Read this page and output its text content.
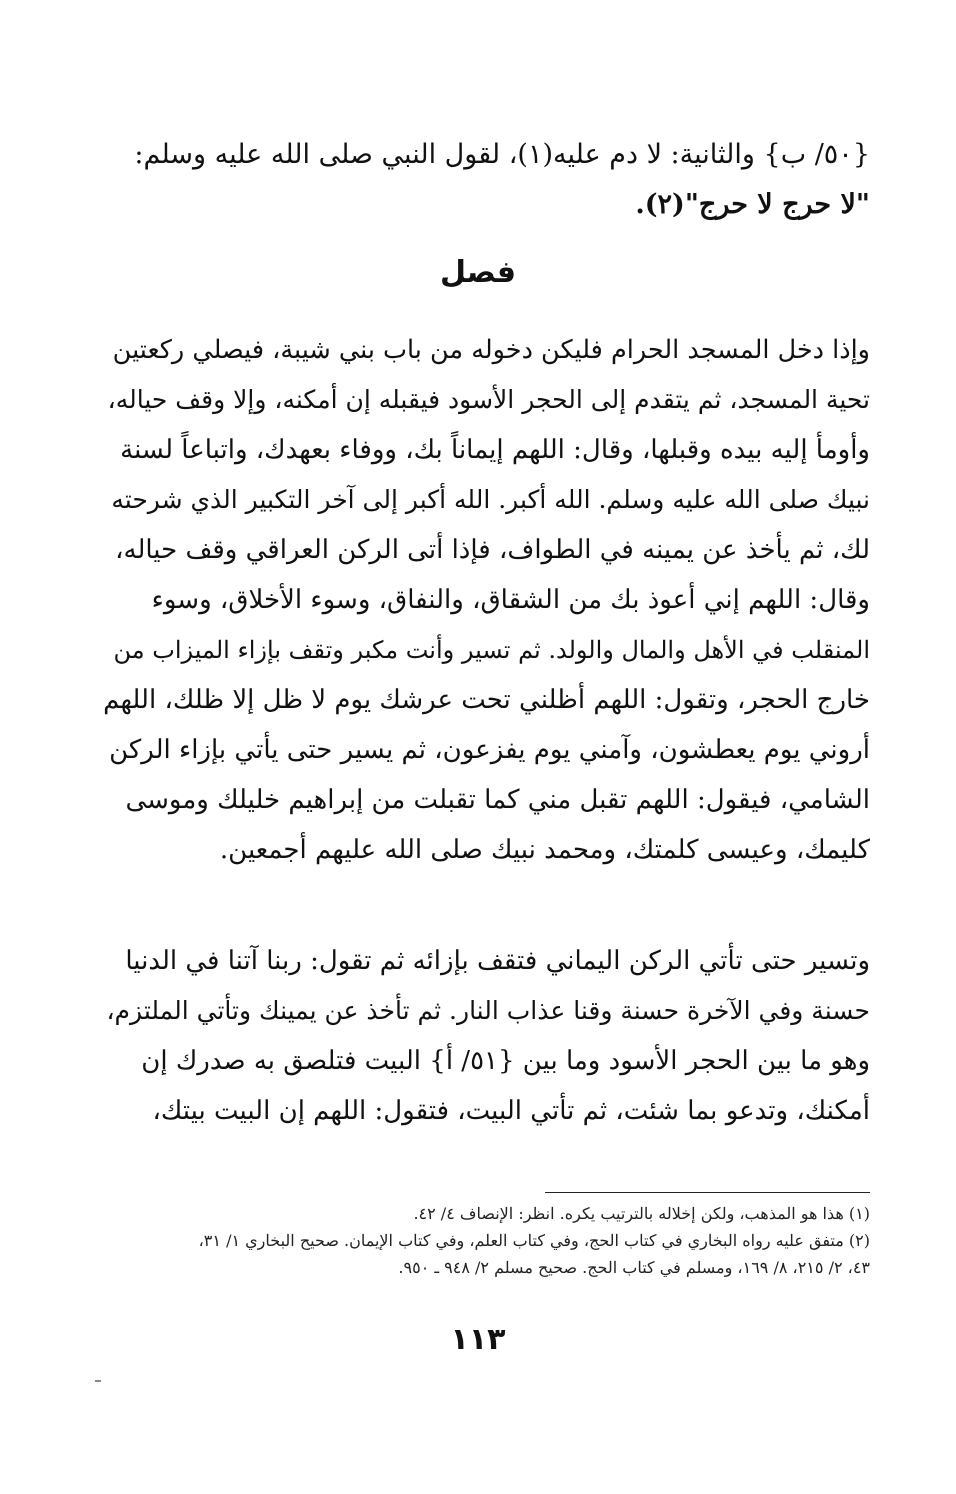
{٥٠/ ب} والثانية: لا دم عليه(١)، لقول النبي صلى الله عليه وسلم:
"لا حرج لا حرج"(٢).
فصل
وإذا دخل المسجد الحرام فليكن دخوله من باب بني شيبة، فيصلي ركعتين
تحية المسجد، ثم يتقدم إلى الحجر الأسود فيقبله إن أمكنه، وإلا وقف حياله،
وأومأ إليه بيده وقبلها، وقال: اللهم إيماناً بك، ووفاء بعهدك، واتباعاً لسنة
نبيك صلى الله عليه وسلم. الله أكبر. الله أكبر إلى آخر التكبير الذي شرحته
لك، ثم يأخذ عن يمينه في الطواف، فإذا أتى الركن العراقي وقف حياله،
وقال: اللهم إني أعوذ بك من الشقاق، والنفاق، وسوء الأخلاق، وسوء
المنقلب في الأهل والمال والولد. ثم تسير وأنت مكبر وتقف بإزاء الميزاب من
خارج الحجر، وتقول: اللهم أظلني تحت عرشك يوم لا ظل إلا ظلك، اللهم
أروني يوم يعطشون، وآمني يوم يفزعون، ثم يسير حتى يأتي بإزاء الركن
الشامي، فيقول: اللهم تقبل مني كما تقبلت من إبراهيم خليلك وموسى
كليمك، وعيسى كلمتك، ومحمد نبيك صلى الله عليهم أجمعين.
وتسير حتى تأتي الركن اليماني فتقف بإزائه ثم تقول: ربنا آتنا في الدنيا
حسنة وفي الآخرة حسنة وقنا عذاب النار. ثم تأخذ عن يمينك وتأتي الملتزم،
وهو ما بين الحجر الأسود وما بين {٥١/ أ} البيت فتلصق به صدرك إن
أمكنك، وتدعو بما شئت، ثم تأتي البيت، فتقول: اللهم إن البيت بيتك،
(١) هذا هو المذهب، ولكن إخلاله بالترتيب يكره. انظر: الإنصاف ٤/ ٤٢.
(٢) متفق عليه رواه البخاري في كتاب الحج، وفي كتاب العلم، وفي كتاب الإيمان. صحيح البخاري ١/ ٣١،
٤٣، ٢/ ٢١٥، ٨/ ١٦٩، ومسلم في كتاب الحج. صحيح مسلم ٢/ ٩٤٨ ـ ٩٥٠.
١١٣
